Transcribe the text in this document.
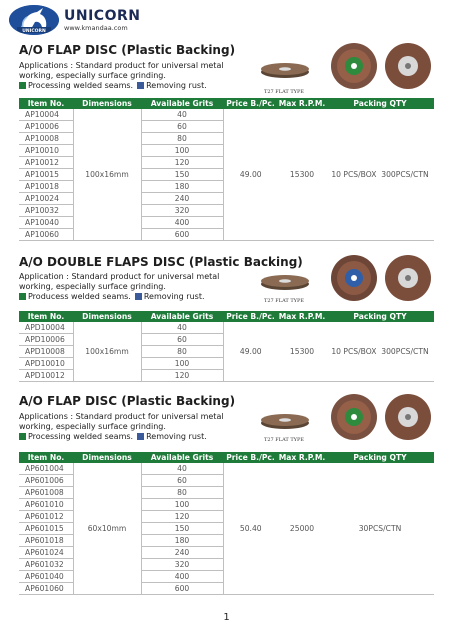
UNICORN
UNICORN
www.kmandaa.com
A/O FLAP DISC (Plastic Backing)
Applications : Standard product for universal metal working, especially surface grinding.
Processing welded seams. Removing rust.
T27 FLAT TYPE
Item No.	Dimensions	Available Grits	Price B./Pc.	Max R.P.M.	Packing QTY
AP10004	100x16mm	40	49.00	15300	10 PCS/BOX 300PCS/CTN
AP10006		60			
AP10008		80			
AP10010		100			
AP10012		120			
AP10015		150			
AP10018		180			
AP10024		240			
AP10032		320			
AP10040		400			
AP10060		600			
A/O DOUBLE FLAPS DISC (Plastic Backing)
Application : Standard product for universal metal working, especially surface grinding.
Producess welded seams. Removing rust.	T27 FLAT TYPE
Item No.	Dimensions	Available Grits	Price B./Pc.	Max R.P.M.	Packing QTY
APD10004	100x16mm	40	49.00	15300	10 PCS/BOX 300PCS/CTN
APD10006		60			
APD10008		80			
APD10010		100			
APD10012		120			
A/O FLAP DISC (Plastic Backing)
Applications : Standard product for universal metal working, especially surface grinding.
Processing welded seams. Removing rust.	T27 FLAT TYPE
Item No.	Dimensions	Available Grits	Price B./Pc.	Max R.P.M.	Packing QTY
AP601004	60x10mm	40	50.40	25000	30PCS/CTN
AP601006		60			
AP601008		80			
AP601010		100			
AP601012		120			
AP601015		150			
AP601018		180			
AP601024		240			
AP601032		320			
AP601040		400			
AP601060		600			
1
